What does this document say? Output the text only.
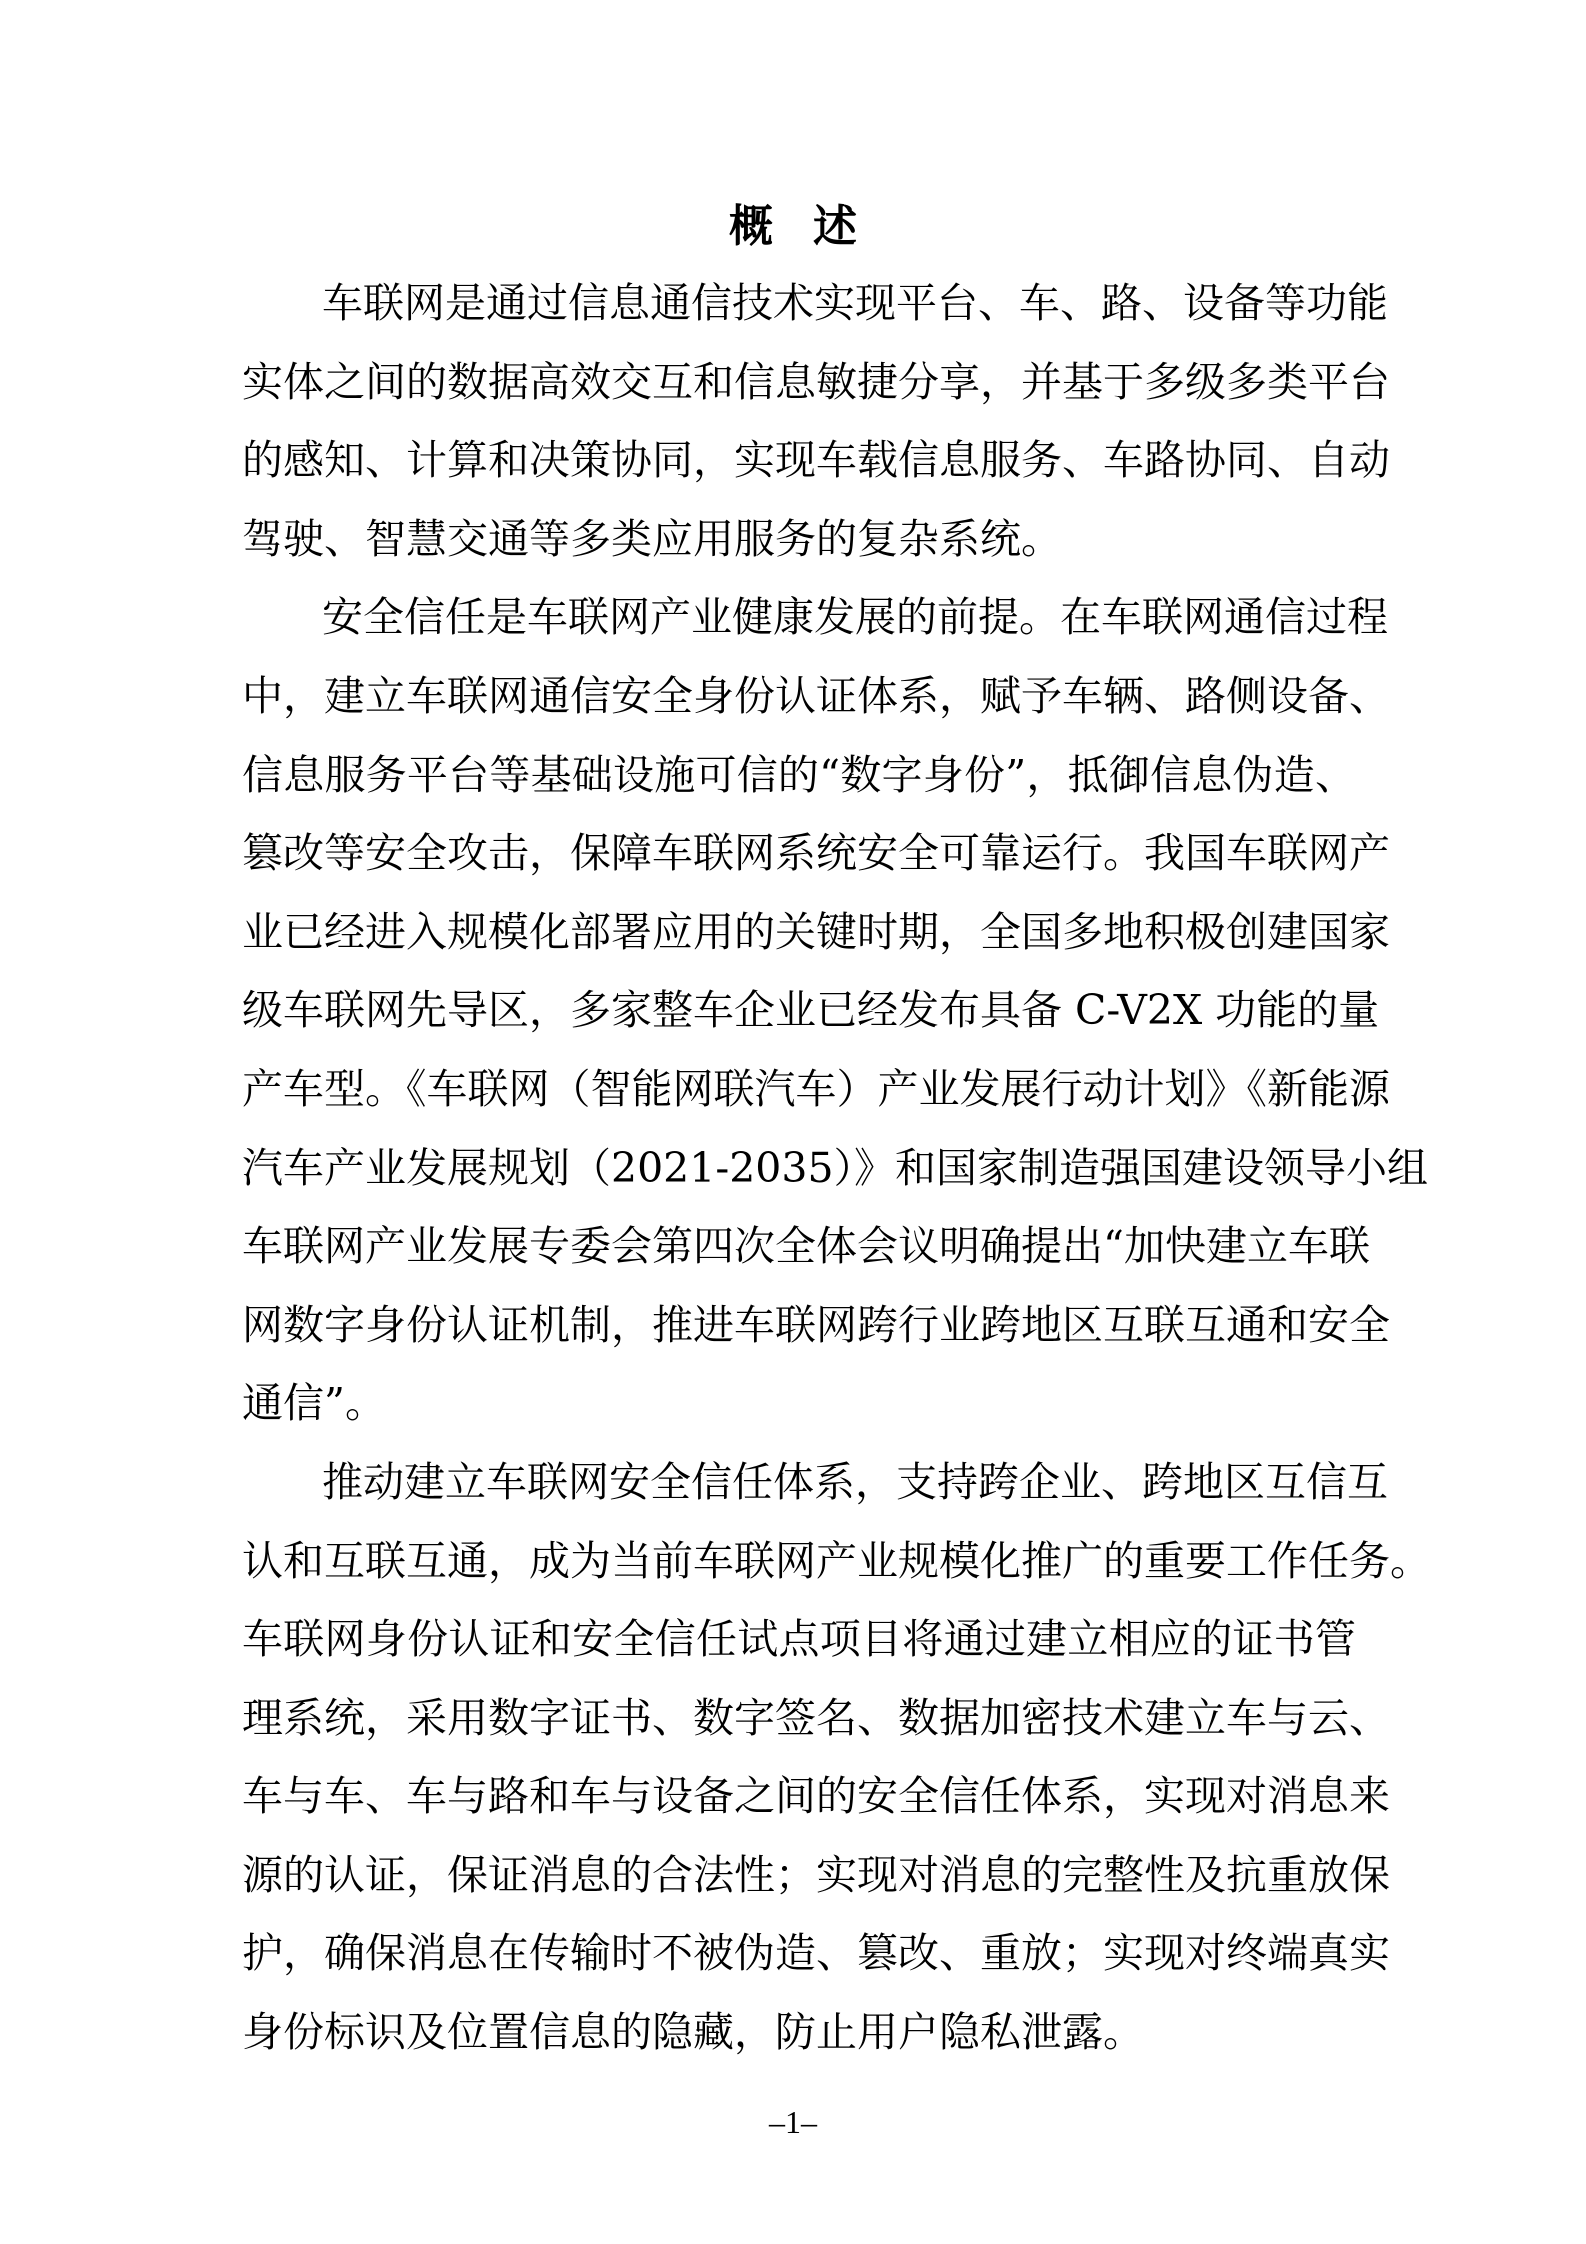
概述
车联网是通过信息通信技术实现平台、车、路、设备等功能
实体之间的数据高效交互和信息敏捷分享，并基于多级多类平台
的感知、计算和决策协同，实现车载信息服务、车路协同、自动
驾驶、智慧交通等多类应用服务的复杂系统。
安全信任是车联网产业健康发展的前提。在车联网通信过程
中，建立车联网通信安全身份认证体系，赋予车辆、路侧设备、
信息服务平台等基础设施可信的“数字身份”，抵御信息伪造、
篡改等安全攻击，保障车联网系统安全可靠运行。我国车联网产
业已经进入规模化部署应用的关键时期，全国多地积极创建国家
级车联网先导区，多家整车企业已经发布具备 C-V2X 功能的量
产车型。《车联网（智能网联汽车）产业发展行动计划》《新能源
汽车产业发展规划（2021-2035）》和国家制造强国建设领导小组
车联网产业发展专委会第四次全体会议明确提出“加快建立车联
网数字身份认证机制，推进车联网跨行业跨地区互联互通和安全
通信”。
推动建立车联网安全信任体系，支持跨企业、跨地区互信互
认和互联互通，成为当前车联网产业规模化推广的重要工作任务。
车联网身份认证和安全信任试点项目将通过建立相应的证书管
理系统，采用数字证书、数字签名、数据加密技术建立车与云、
车与车、车与路和车与设备之间的安全信任体系，实现对消息来
源的认证，保证消息的合法性；实现对消息的完整性及抗重放保
护，确保消息在传输时不被伪造、篡改、重放；实现对终端真实
身份标识及位置信息的隐藏，防止用户隐私泄露。
–1–
